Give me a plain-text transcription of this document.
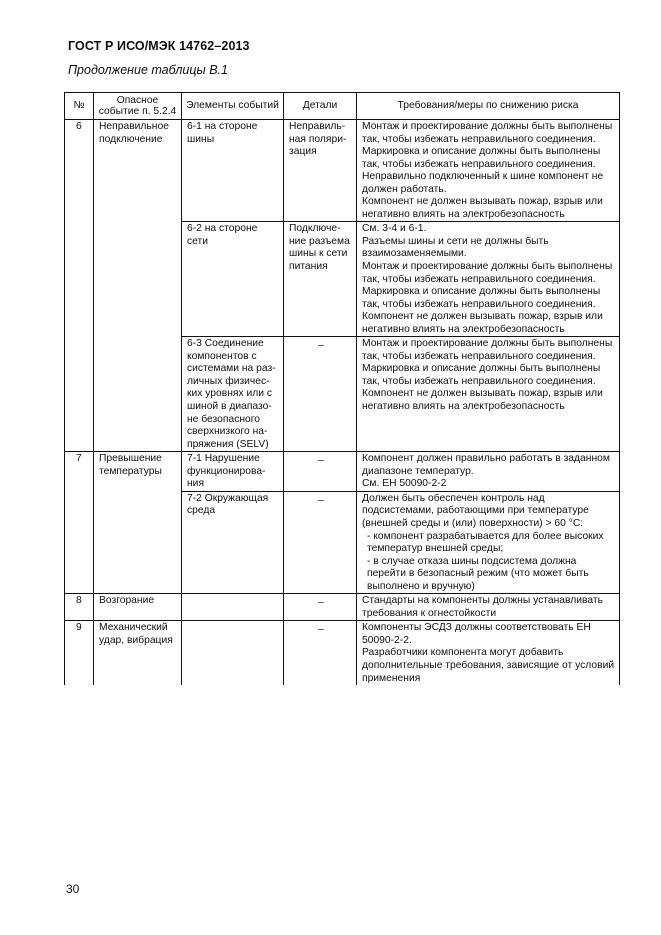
ГОСТ Р ИСО/МЭК 14762–2013
Продолжение таблицы В.1
№	Опасное событие п. 5.2.4	Элементы событий	Детали	Требования/меры по снижению риска
6	Неправильное подключение	6-1 на стороне шины	Неправиль-ная поляри-зация	Монтаж и проектирование должны быть выполнены так, чтобы избежать неправильного соединения.
Маркировка и описание должны быть выполнены так, чтобы избежать неправильного соединения.
Неправильно подключенный к шине компонент не должен работать.
Компонент не должен вызывать пожар, взрыв или негативно влиять на электробезопасность

		6-2 на стороне сети	Подключе-ние разъема шины к сети питания	См. 3-4 и 6-1.
Разъемы шины и сети не должны быть взаимозаменяемыми.
Монтаж и проектирование должны быть выполнены так, чтобы избежать неправильного соединения.
Маркировка и описание должны быть выполнены так, чтобы избежать неправильного соединения.
Компонент не должен вызывать пожар, взрыв или негативно влиять на электробезопасность

		6-3 Соединение компонентов с системами на раз-личных физичес-ких уровнях или с шиной в диапазо-не безопасного сверхнизкого на-пряжения (SELV)	–	Монтаж и проектирование должны быть выполнены так, чтобы избежать неправильного соединения.
Маркировка и описание должны быть выполнены так, чтобы избежать неправильного соединения.
Компонент не должен вызывать пожар, взрыв или негативно влиять на электробезопасность

7	Превышение температуры	7-1 Нарушение функционирова-ния	–	Компонент должен правильно работать в заданном диапазоне температур.
См. ЕН 50090-2-2

		7-2 Окружающая среда	–	Должен быть обеспечен контроль над подсистемами, работающими при температуре (внешней среды и (или) поверхности) > 60 °С:
- компонент разрабатывается для более высоких температур внешней среды;
- в случае отказа шины подсистема должна перейти в безопасный режим (что может быть выполнено и вручную)

8	Возгорание		–	Стандарты на компоненты должны устанавливать требования к огнестойкости

9	Механический удар, вибрация		–	Компоненты ЭСДЗ должны соответствовать ЕН 50090-2-2.
Разработчики компонента могут добавить дополнительные требования, зависящие от условий применения
30
